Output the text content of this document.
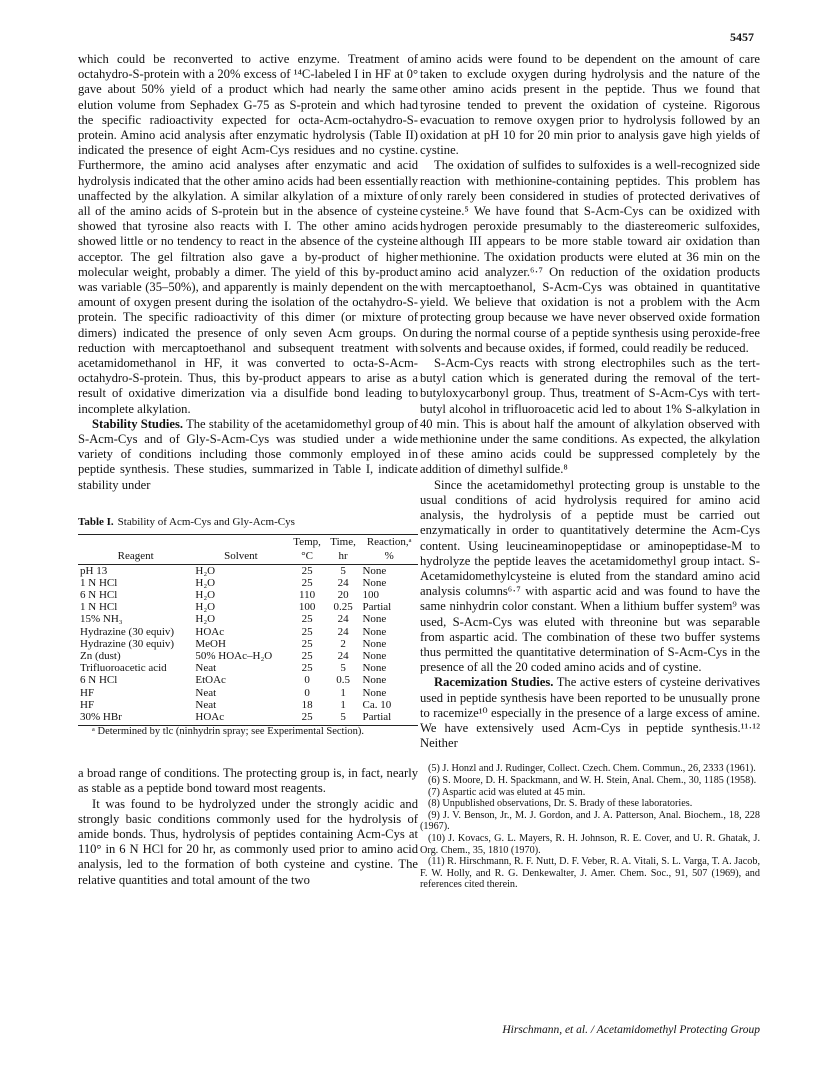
5457

which could be reconverted to active enzyme. Treatment of octahydro-S-protein with a 20% excess of ¹⁴C-labeled I in HF at 0° gave about 50% yield of a product which had nearly the same elution volume from Sephadex G-75 as S-protein and which had the specific radioactivity expected for octa-Acm-octahydro-S-protein. Amino acid analysis after enzymatic hydrolysis (Table II) indicated the presence of eight Acm-Cys residues and no cystine. Furthermore, the amino acid analyses after enzymatic and acid hydrolysis indicated that the other amino acids had been essentially unaffected by the alkylation. A similar alkylation of a mixture of all of the amino acids of S-protein but in the absence of cysteine showed that tyrosine also reacts with I. The other amino acids showed little or no tendency to react in the absence of the cysteine acceptor. The gel filtration also gave a by-product of higher molecular weight, probably a dimer. The yield of this by-product was variable (35–50%), and apparently is mainly dependent on the amount of oxygen present during the isolation of the octahydro-S-protein. The specific radioactivity of this dimer (or mixture of dimers) indicated the presence of only seven Acm groups. On reduction with mercaptoethanol and subsequent treatment with acetamidomethanol in HF, it was converted to octa-S-Acm-octahydro-S-protein. Thus, this by-product appears to arise as a result of oxidative dimerization via a disulfide bond leading to incomplete alkylation.

Stability Studies. The stability of the acetamidomethyl group of S-Acm-Cys and of Gly-S-Acm-Cys was studied under a wide variety of conditions including those commonly employed in peptide synthesis. These studies, summarized in Table I, indicate stability under

Table I. Stability of Acm-Cys and Gly-Acm-Cys
		Temp,	Time,	Reaction,ᵃ
Reagent	Solvent	°C	hr	%
pH 13	H₂O	25	5	None
1 N HCl	H₂O	25	24	None
6 N HCl	H₂O	110	20	100
1 N HCl	H₂O	100	0.25	Partial
15% NH₃	H₂O	25	24	None
Hydrazine (30 equiv)	HOAc	25	24	None
Hydrazine (30 equiv)	MeOH	25	2	None
Zn (dust)	50% HOAc–H₂O	25	24	None
Trifluoroacetic acid	Neat	25	5	None
6 N HCl	EtOAc	0	0.5	None
HF	Neat	0	1	None
HF	Neat	18	1	Ca. 10
30% HBr	HOAc	25	5	Partial

ᵃ Determined by tlc (ninhydrin spray; see Experimental Section).

a broad range of conditions. The protecting group is, in fact, nearly as stable as a peptide bond toward most reagents.

It was found to be hydrolyzed under the strongly acidic and strongly basic conditions commonly used for the hydrolysis of amide bonds. Thus, hydrolysis of peptides containing Acm-Cys at 110° in 6 N HCl for 20 hr, as commonly used prior to amino acid analysis, led to the formation of both cysteine and cystine. The relative quantities and total amount of the two

amino acids were found to be dependent on the amount of care taken to exclude oxygen during hydrolysis and the nature of the other amino acids present in the peptide. Thus we found that tyrosine tended to prevent the oxidation of cysteine. Rigorous evacuation to remove oxygen prior to hydrolysis followed by an oxidation at pH 10 for 20 min prior to analysis gave high yields of cystine.

The oxidation of sulfides to sulfoxides is a well-recognized side reaction with methionine-containing peptides. This problem has only rarely been considered in studies of protected derivatives of cysteine.⁵ We have found that S-Acm-Cys can be oxidized with hydrogen peroxide presumably to the diastereomeric sulfoxides, although III appears to be more stable toward air oxidation than methionine. The oxidation products were eluted at 36 min on the amino acid analyzer.⁶·⁷ On reduction of the oxidation products with mercaptoethanol, S-Acm-Cys was obtained in quantitative yield. We believe that oxidation is not a problem with the Acm protecting group because we have never observed oxide formation during the normal course of a peptide synthesis using peroxide-free solvents and because oxides, if formed, could readily be reduced.

S-Acm-Cys reacts with strong electrophiles such as the tert-butyl cation which is generated during the removal of the tert-butyloxycarbonyl group. Thus, treatment of S-Acm-Cys with tert-butyl alcohol in trifluoroacetic acid led to about 1% S-alkylation in 40 min. This is about half the amount of alkylation observed with methionine under the same conditions. As expected, the alkylation of these amino acids could be suppressed completely by the addition of dimethyl sulfide.⁸

Since the acetamidomethyl protecting group is unstable to the usual conditions of acid hydrolysis required for amino acid analysis, the hydrolysis of a peptide must be carried out enzymatically in order to quantitatively determine the Acm-Cys content. Using leucineaminopeptidase or aminopeptidase-M to hydrolyze the peptide leaves the acetamidomethyl group intact. S-Acetamidomethylcysteine is eluted from the standard amino acid analysis columns⁶·⁷ with aspartic acid and was found to have the same ninhydrin color constant. When a lithium buffer system⁹ was used, S-Acm-Cys was eluted with threonine but was separable from aspartic acid. The combination of these two buffer systems thus permitted the quantitative determination of S-Acm-Cys in the presence of all the 20 coded amino acids and of cystine.

Racemization Studies. The active esters of cysteine derivatives used in peptide synthesis have been reported to be unusually prone to racemize¹⁰ especially in the presence of a large excess of amine. We have extensively used Acm-Cys in peptide synthesis.¹¹·¹² Neither

(5) J. Honzl and J. Rudinger, Collect. Czech. Chem. Commun., 26, 2333 (1961).
(6) S. Moore, D. H. Spackmann, and W. H. Stein, Anal. Chem., 30, 1185 (1958).
(7) Aspartic acid was eluted at 45 min.
(8) Unpublished observations, Dr. S. Brady of these laboratories.
(9) J. V. Benson, Jr., M. J. Gordon, and J. A. Patterson, Anal. Biochem., 18, 228 (1967).
(10) J. Kovacs, G. L. Mayers, R. H. Johnson, R. E. Cover, and U. R. Ghatak, J. Org. Chem., 35, 1810 (1970).
(11) R. Hirschmann, R. F. Nutt, D. F. Veber, R. A. Vitali, S. L. Varga, T. A. Jacob, F. W. Holly, and R. G. Denkewalter, J. Amer. Chem. Soc., 91, 507 (1969), and references cited therein.
Hirschmann, et al. / Acetamidomethyl Protecting Group
